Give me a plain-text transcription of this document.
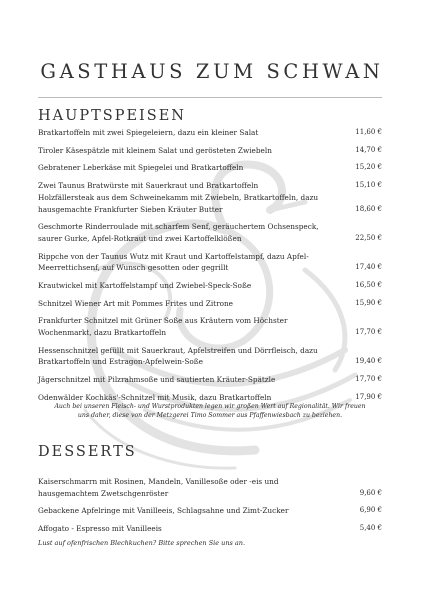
GASTHAUS ZUM SCHWAN
HAUPTSPEISEN
Bratkartoffeln mit zwei Spiegeleiern, dazu ein kleiner Salat	11,60 €

Tiroler Käsespätzle mit kleinem Salat und gerösteten Zwiebeln	14,70 €

Gebratener Leberkäse mit Spiegelei und Bratkartoffeln	15,20 €

Zwei Taunus Bratwürste mit Sauerkraut und Bratkartoffeln	15,10 €

Holzfällersteak aus dem Schweinekamm mit Zwiebeln, Bratkartoffeln, dazu hausgemachte Frankfurter Sieben Kräuter Butter	18,60 €
Geschmorte Rinderroulade mit scharfem Senf, geräuchertem Ochsenspeck, saurer Gurke, Apfel-Rotkraut und zwei Kartoffelklößen	22,50 €
Rippche von der Taunus Wutz mit Kraut und Kartoffelstampf, dazu Apfel-Meerrettichsenf, auf Wunsch gesotten oder gegrillt	17,40 €
Krautwickel mit Kartoffelstampf und Zwiebel-Speck-Soße	16,50 €

Schnitzel Wiener Art mit Pommes Frites und Zitrone	15,90 €

Frankfurter Schnitzel mit Grüner Soße aus Kräutern vom Höchster Wochenmarkt, dazu Bratkartoffeln	17,70 €
Hessenschnitzel gefüllt mit Sauerkraut, Apfelstreifen und Dörrfleisch, dazu Bratkartoffeln und Estragon-Apfelwein-Soße	19,40 €
Jägerschnitzel mit Pilzrahmsoße und sautierten Kräuter-Spätzle	17,70 €

Odenwälder Kochkäs'-Schnitzel mit Musik, dazu Bratkartoffeln	17,90 €

Auch bei unseren Fleisch- und Wurstprodukten legen wir großen Wert auf Regionalität. Wir freuen
uns daher, diese von der Metzgerei Timo Sommer aus Pfaffenwiesbach zu beziehen.
DESSERTS
Kaiserschmarrn mit Rosinen, Mandeln, Vanillesoße oder -eis und hausgemachtem Zwetschgenröster	9,60 €
Gebackene Apfelringe mit Vanilleeis, Schlagsahne und Zimt-Zucker	6,90 €

Affogato - Espresso mit Vanilleeis	5,40 €

Lust auf ofenfrischen Blechkuchen? Bitte sprechen Sie uns an.
